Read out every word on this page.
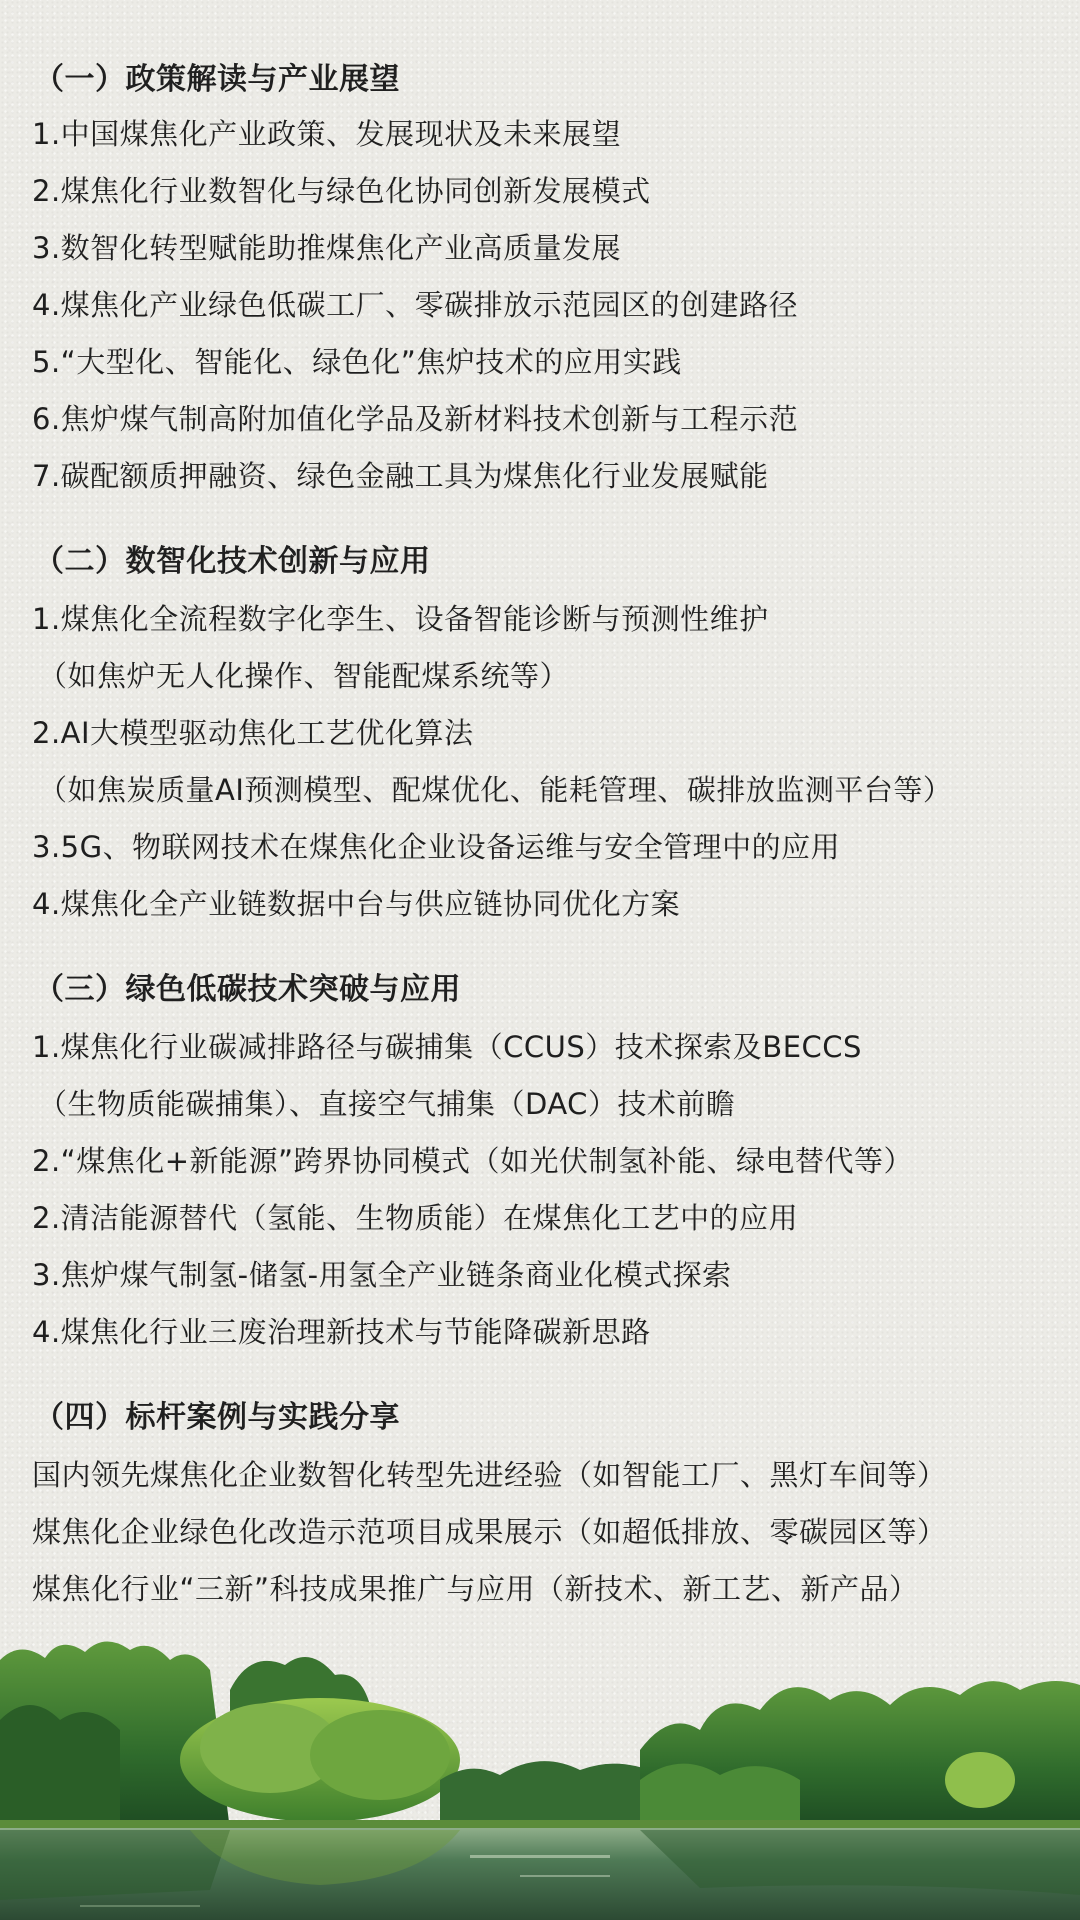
（一）政策解读与产业展望
1.中国煤焦化产业政策、发展现状及未来展望
2.煤焦化行业数智化与绿色化协同创新发展模式
3.数智化转型赋能助推煤焦化产业高质量发展
4.煤焦化产业绿色低碳工厂、零碳排放示范园区的创建路径
5.“大型化、智能化、绿色化”焦炉技术的应用实践
6.焦炉煤气制高附加值化学品及新材料技术创新与工程示范
7.碳配额质押融资、绿色金融工具为煤焦化行业发展赋能
（二）数智化技术创新与应用
1.煤焦化全流程数字化孪生、设备智能诊断与预测性维护
（如焦炉无人化操作、智能配煤系统等）
2.AI大模型驱动焦化工艺优化算法
（如焦炭质量AI预测模型、配煤优化、能耗管理、碳排放监测平台等）
3.5G、物联网技术在煤焦化企业设备运维与安全管理中的应用
4.煤焦化全产业链数据中台与供应链协同优化方案
（三）绿色低碳技术突破与应用
1.煤焦化行业碳减排路径与碳捕集（CCUS）技术探索及BECCS
（生物质能碳捕集）、直接空气捕集（DAC）技术前瞻
2.“煤焦化+新能源”跨界协同模式（如光伏制氢补能、绿电替代等）
2.清洁能源替代（氢能、生物质能）在煤焦化工艺中的应用
3.焦炉煤气制氢-储氢-用氢全产业链条商业化模式探索
4.煤焦化行业三废治理新技术与节能降碳新思路
（四）标杆案例与实践分享
国内领先煤焦化企业数智化转型先进经验（如智能工厂、黑灯车间等）
煤焦化企业绿色化改造示范项目成果展示（如超低排放、零碳园区等）
煤焦化行业“三新”科技成果推广与应用（新技术、新工艺、新产品）
